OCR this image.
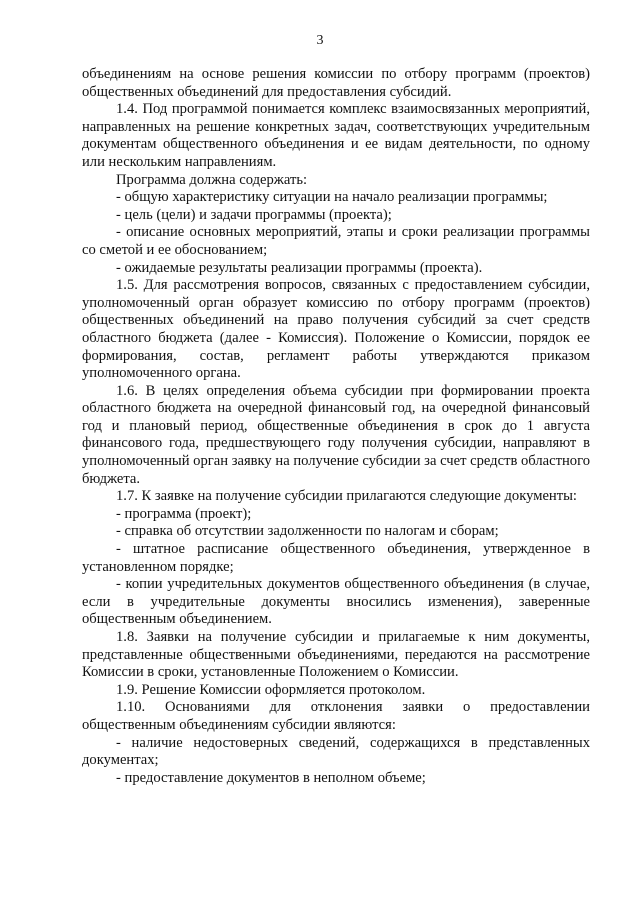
3

объединениям на основе решения комиссии по отбору программ (проектов) общественных объединений для предоставления субсидий.

1.4. Под программой понимается комплекс взаимосвязанных мероприятий, направленных на решение конкретных задач, соответствующих учредительным документам общественного объединения и ее видам деятельности, по одному или нескольким направлениям.

Программа должна содержать:

- общую характеристику ситуации на начало реализации программы;

- цель (цели) и задачи программы (проекта);

- описание основных мероприятий, этапы и сроки реализации программы со сметой и ее обоснованием;

- ожидаемые результаты реализации программы (проекта).

1.5. Для рассмотрения вопросов, связанных с предоставлением субсидии, уполномоченный орган образует комиссию по отбору программ (проектов) общественных объединений на право получения субсидий за счет средств областного бюджета (далее - Комиссия). Положение о Комиссии, порядок ее формирования, состав, регламент работы утверждаются приказом уполномоченного органа.

1.6. В целях определения объема субсидии при формировании проекта областного бюджета на очередной финансовый год, на очередной финансовый год и плановый период, общественные объединения в срок до 1 августа финансового года, предшествующего году получения субсидии, направляют в уполномоченный орган заявку на получение субсидии за счет средств областного бюджета.

1.7. К заявке на получение субсидии прилагаются следующие документы:

- программа (проект);

- справка об отсутствии задолженности по налогам и сборам;

- штатное расписание общественного объединения, утвержденное в установленном порядке;

- копии учредительных документов общественного объединения (в случае, если в учредительные документы вносились изменения), заверенные общественным объединением.

1.8. Заявки на получение субсидии и прилагаемые к ним документы, представленные общественными объединениями, передаются на рассмотрение Комиссии в сроки, установленные Положением о Комиссии.

1.9. Решение Комиссии оформляется протоколом.

1.10. Основаниями для отклонения заявки о предоставлении общественным объединениям субсидии являются:

- наличие недостоверных сведений, содержащихся в представленных документах;

- предоставление документов в неполном объеме;
